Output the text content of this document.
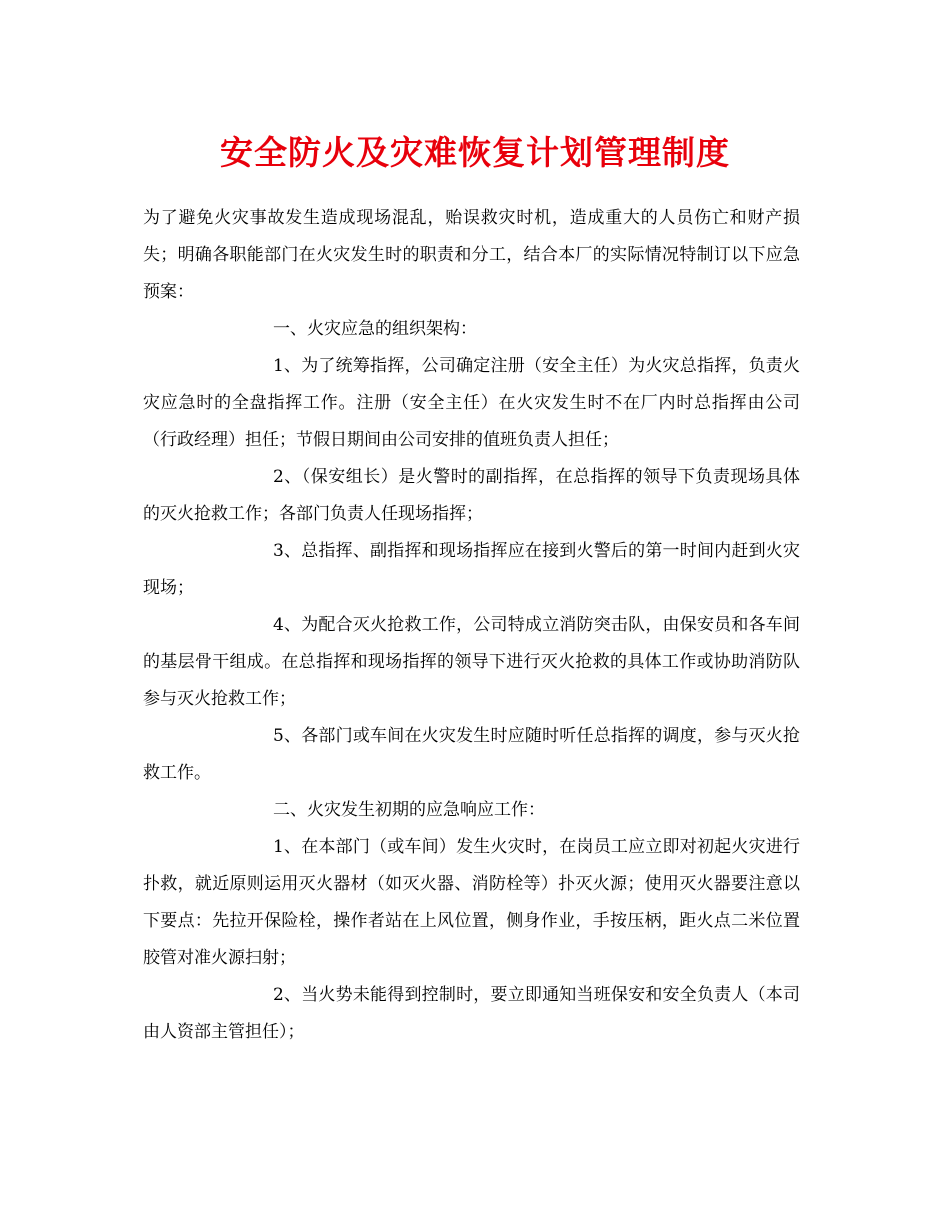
安全防火及灾难恢复计划管理制度

为了避免火灾事故发生造成现场混乱，贻误救灾时机，造成重大的人员伤亡和财产损失；明确各职能部门在火灾发生时的职责和分工，结合本厂的实际情况特制订以下应急预案：

一、火灾应急的组织架构：

1、为了统筹指挥，公司确定注册（安全主任）为火灾总指挥，负责火灾应急时的全盘指挥工作。注册（安全主任）在火灾发生时不在厂内时总指挥由公司（行政经理）担任；节假日期间由公司安排的值班负责人担任；

2、（保安组长）是火警时的副指挥，在总指挥的领导下负责现场具体的灭火抢救工作；各部门负责人任现场指挥；

3、总指挥、副指挥和现场指挥应在接到火警后的第一时间内赶到火灾现场；

4、为配合灭火抢救工作，公司特成立消防突击队，由保安员和各车间的基层骨干组成。在总指挥和现场指挥的领导下进行灭火抢救的具体工作或协助消防队参与灭火抢救工作；

5、各部门或车间在火灾发生时应随时听任总指挥的调度，参与灭火抢救工作。

二、火灾发生初期的应急响应工作：

1、在本部门（或车间）发生火灾时，在岗员工应立即对初起火灾进行扑救，就近原则运用灭火器材（如灭火器、消防栓等）扑灭火源；使用灭火器要注意以下要点：先拉开保险栓，操作者站在上风位置，侧身作业，手按压柄，距火点二米位置胶管对准火源扫射；

2、当火势未能得到控制时，要立即通知当班保安和安全负责人（本司由人资部主管担任）；
